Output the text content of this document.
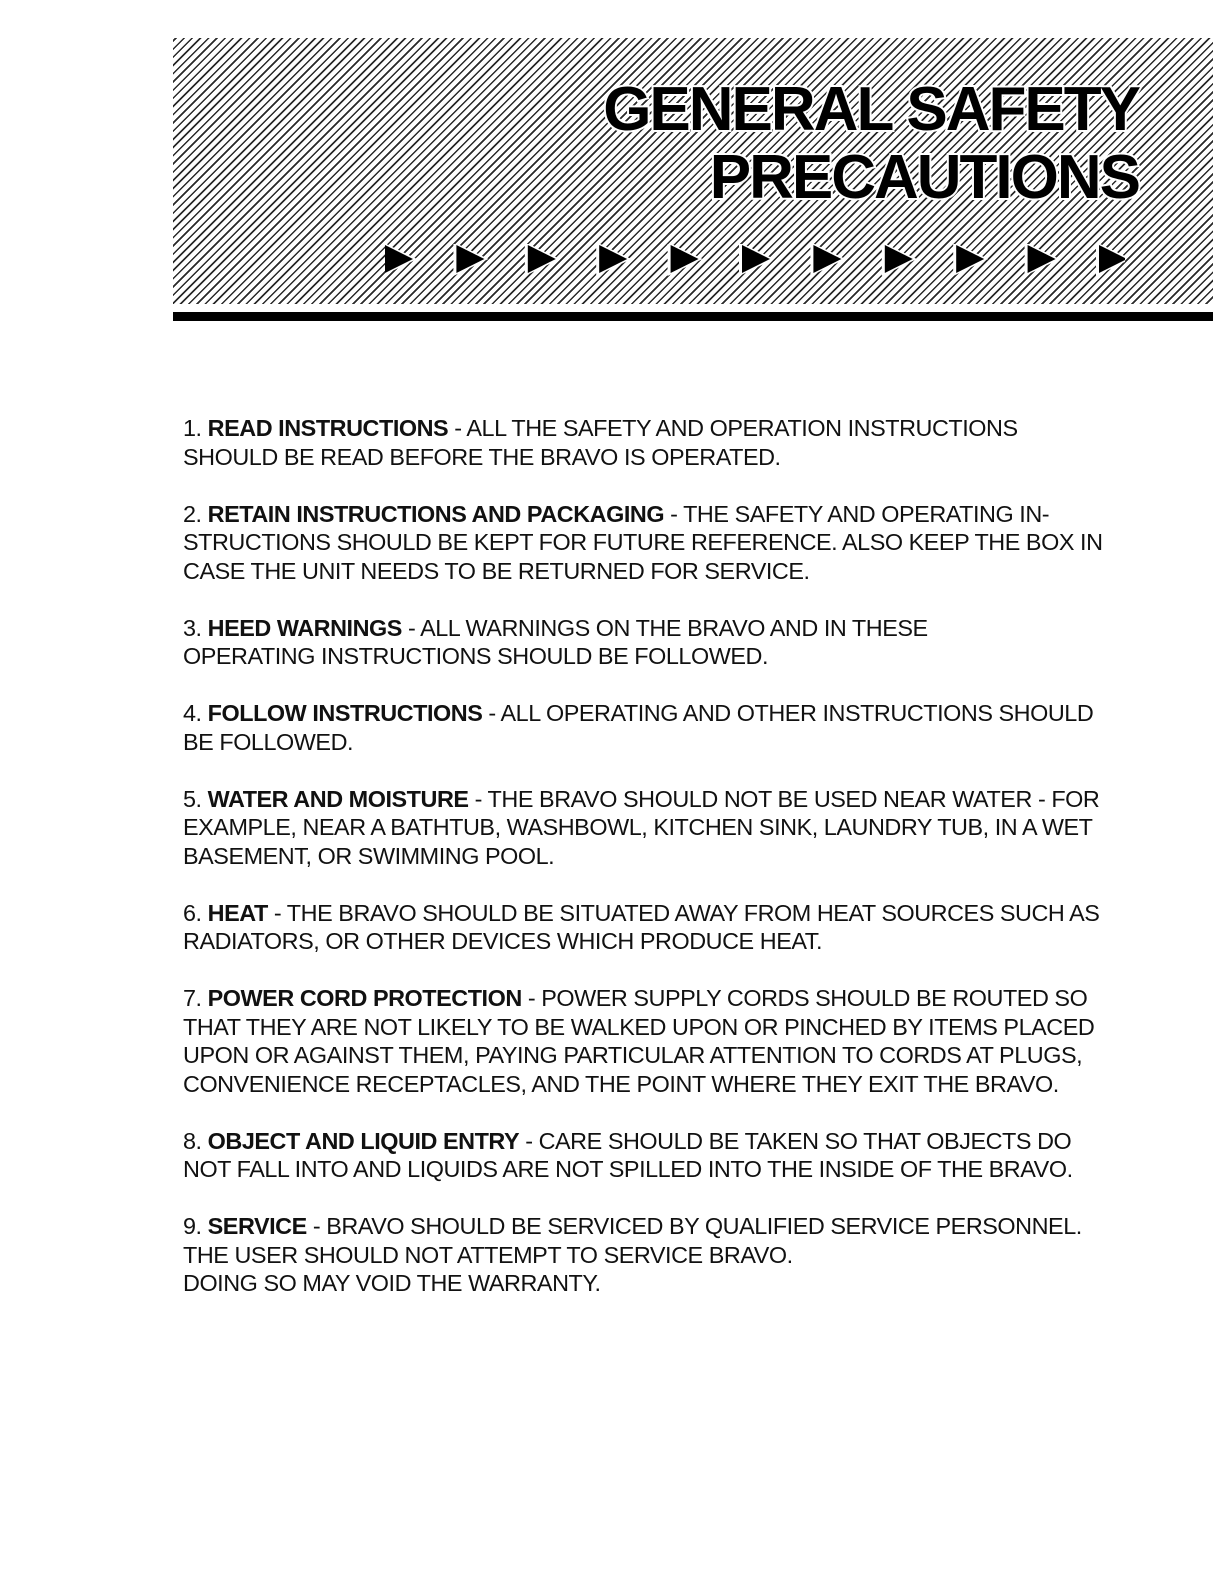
GENERAL SAFETY
PRECAUTIONS
1. READ INSTRUCTIONS - ALL THE SAFETY AND OPERATION INSTRUCTIONS
SHOULD BE READ BEFORE THE BRAVO IS OPERATED.
2. RETAIN INSTRUCTIONS AND PACKAGING - THE SAFETY AND OPERATING IN-
STRUCTIONS SHOULD BE KEPT FOR FUTURE REFERENCE. ALSO KEEP THE BOX IN
CASE THE UNIT NEEDS TO BE RETURNED FOR SERVICE.
3. HEED WARNINGS - ALL WARNINGS ON THE BRAVO AND IN THESE
OPERATING INSTRUCTIONS SHOULD BE FOLLOWED.
4. FOLLOW INSTRUCTIONS - ALL OPERATING AND OTHER INSTRUCTIONS SHOULD
BE FOLLOWED.
5. WATER AND MOISTURE - THE BRAVO SHOULD NOT BE USED NEAR WATER - FOR
EXAMPLE, NEAR A BATHTUB, WASHBOWL, KITCHEN SINK, LAUNDRY TUB, IN A WET
BASEMENT, OR SWIMMING POOL.
6. HEAT - THE BRAVO SHOULD BE SITUATED AWAY FROM HEAT SOURCES SUCH AS
RADIATORS, OR OTHER DEVICES WHICH PRODUCE HEAT.
7. POWER CORD PROTECTION - POWER SUPPLY CORDS SHOULD BE ROUTED SO
THAT THEY ARE NOT LIKELY TO BE WALKED UPON OR PINCHED BY ITEMS PLACED
UPON OR AGAINST THEM, PAYING PARTICULAR ATTENTION TO CORDS AT PLUGS,
CONVENIENCE RECEPTACLES, AND THE POINT WHERE THEY EXIT THE BRAVO.
8. OBJECT AND LIQUID ENTRY - CARE SHOULD BE TAKEN SO THAT OBJECTS DO
NOT FALL INTO AND LIQUIDS ARE NOT SPILLED INTO THE INSIDE OF THE BRAVO.
9. SERVICE - BRAVO SHOULD BE SERVICED BY QUALIFIED SERVICE PERSONNEL.
THE USER SHOULD NOT ATTEMPT TO SERVICE BRAVO.
DOING SO MAY VOID THE WARRANTY.
